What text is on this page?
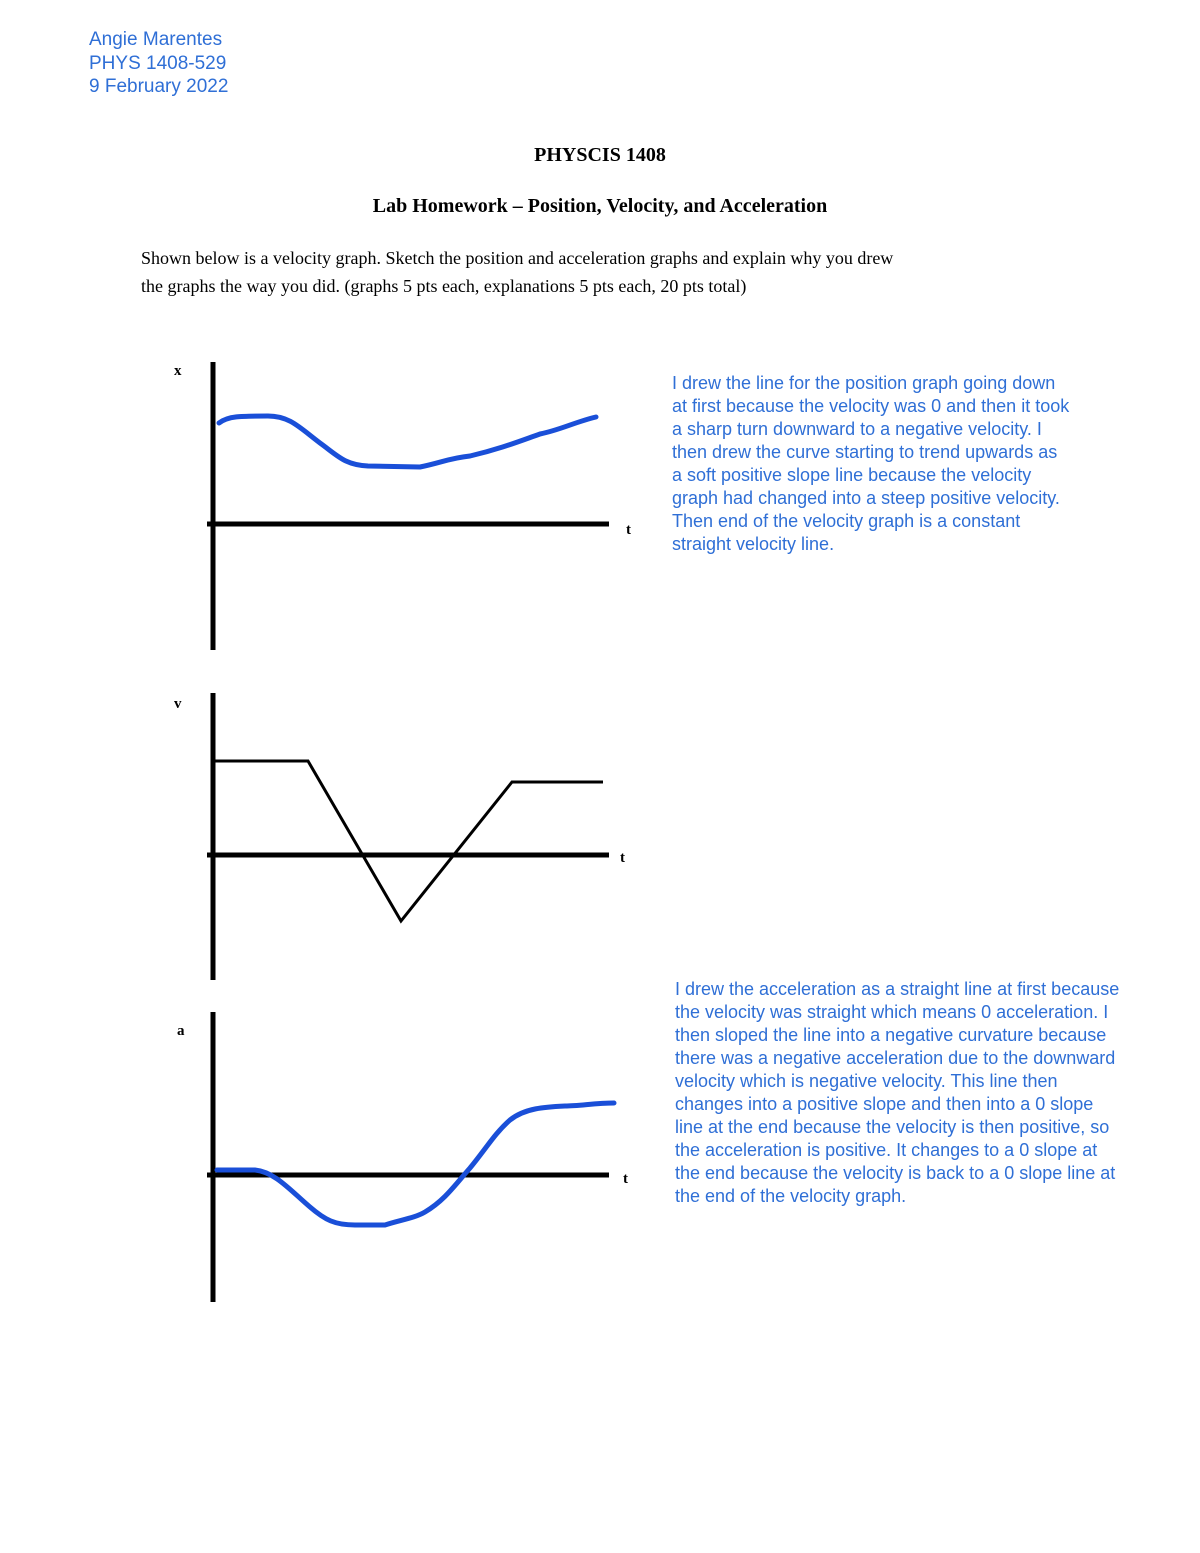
Angie Marentes
PHYS 1408-529
9 February 2022
PHYSCIS 1408
Lab Homework – Position, Velocity, and Acceleration
Shown below is a velocity graph. Sketch the position and acceleration graphs and explain why you drew
the graphs the way you did. (graphs 5 pts each, explanations 5 pts each, 20 pts total)
x
t
v
t
a
t
I drew the line for the position graph going down
at first because the velocity was 0 and then it took
a sharp turn downward to a negative velocity. I
then drew the curve starting to trend upwards as
a soft positive slope line because the velocity
graph had changed into a steep positive velocity.
Then end of the velocity graph is a constant
straight velocity line.
I drew the acceleration as a straight line at first because
the velocity was straight which means 0 acceleration. I
then sloped the line into a negative curvature because
there was a negative acceleration due to the downward
velocity which is negative velocity. This line then
changes into a positive slope and then into a 0 slope
line at the end because the velocity is then positive, so
the acceleration is positive. It changes to a 0 slope at
the end because the velocity is back to a 0 slope line at
the end of the velocity graph.
